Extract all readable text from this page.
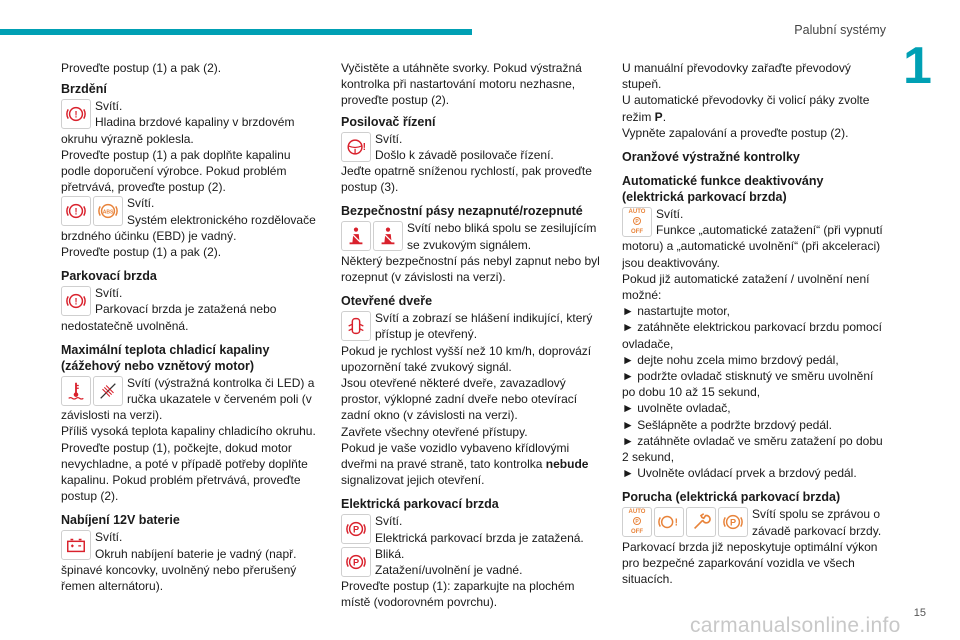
Palubní systémy
1
15
carmanualsonline.info

Proveďte postup (1) a pak (2).

Brzdění
!

Svítí.

Hladina brzdové kapaliny v brzdovém okruhu výrazně poklesla.

Proveďte postup (1) a pak doplňte kapalinu podle doporučení výrobce. Pokud problém přetrvává, proveďte postup (2).

!	ABS

Svítí.

Systém elektronického rozdělovače brzdného účinku (EBD) je vadný.

Proveďte postup (1) a pak (2).

Parkovací brzda
!

Svítí.

Parkovací brzda je zatažená nebo nedostatečně uvolněná.

Maximální teplota chladicí kapaliny (zážehový nebo vznětový motor)

Svítí (výstražná kontrolka či LED) a ručka ukazatele v červeném poli (v závislosti na verzi).

Příliš vysoká teplota kapaliny chladicího okruhu.

Proveďte postup (1), počkejte, dokud motor nevychladne, a poté v případě potřeby doplňte kapalinu. Pokud problém přetrvává, proveďte postup (2).

Nabíjení 12V baterie

Svítí.

Okruh nabíjení baterie je vadný (např. špinavé koncovky, uvolněný nebo přerušený řemen alternátoru).

Vyčistěte a utáhněte svorky. Pokud výstražná kontrolka při nastartování motoru nezhasne, proveďte postup (2).

Posilovač řízení
!

Svítí.

Došlo k závadě posilovače řízení.

Jeďte opatrně sníženou rychlostí, pak proveďte postup (3).

Bezpečnostní pásy nezapnuté/rozepnuté

Svítí nebo bliká spolu se zesilujícím se zvukovým signálem.

Některý bezpečnostní pás nebyl zapnut nebo byl rozepnut (v závislosti na verzi).

Otevřené dveře

Svítí a zobrazí se hlášení indikující, který přístup je otevřený.

Pokud je rychlost vyšší než 10 km/h, doprovází upozornění také zvukový signál.

Jsou otevřené některé dveře, zavazadlový prostor, výklopné zadní dveře nebo otevírací zadní okno (v závislosti na verzi).

Zavřete všechny otevřené přístupy.

Pokud je vaše vozidlo vybaveno křídlovými dveřmi na pravé straně, tato kontrolka nebude signalizovat jejich otevření.

Elektrická parkovací brzda
P

Svítí.

Elektrická parkovací brzda je zatažená.

P

Bliká.

Zatažení/uvolnění je vadné.

Proveďte postup (1): zaparkujte na plochém místě (vodorovném povrchu).

U manuální převodovky zařaďte převodový stupeň.

U automatické převodovky či volicí páky zvolte režim P.

Vypněte zapalování a proveďte postup (2).

Oranžové výstražné kontrolky
Automatické funkce deaktivovány (elektrická parkovací brzda)
AUTO

P

OFF

Svítí.

Funkce „automatické zatažení“ (při vypnutí motoru) a „automatické uvolnění“ (při akceleraci) jsou deaktivovány.

Pokud již automatické zatažení / uvolnění není možné:

► nastartujte motor,

► zatáhněte elektrickou parkovací brzdu pomocí ovladače,

► dejte nohu zcela mimo brzdový pedál,

► podržte ovladač stisknutý ve směru uvolnění po dobu 10 až 15 sekund,

► uvolněte ovladač,

► Sešlápněte a podržte brzdový pedál.

► zatáhněte ovladač ve směru zatažení po dobu 2 sekund,

► Uvolněte ovládací prvek a brzdový pedál.

Porucha (elektrická parkovací brzda)
AUTO

P

OFF
!	P

Svítí spolu se zprávou o závadě parkovací brzdy.

Parkovací brzda již neposkytuje optimální výkon pro bezpečné zaparkování vozidla ve všech situacích.
